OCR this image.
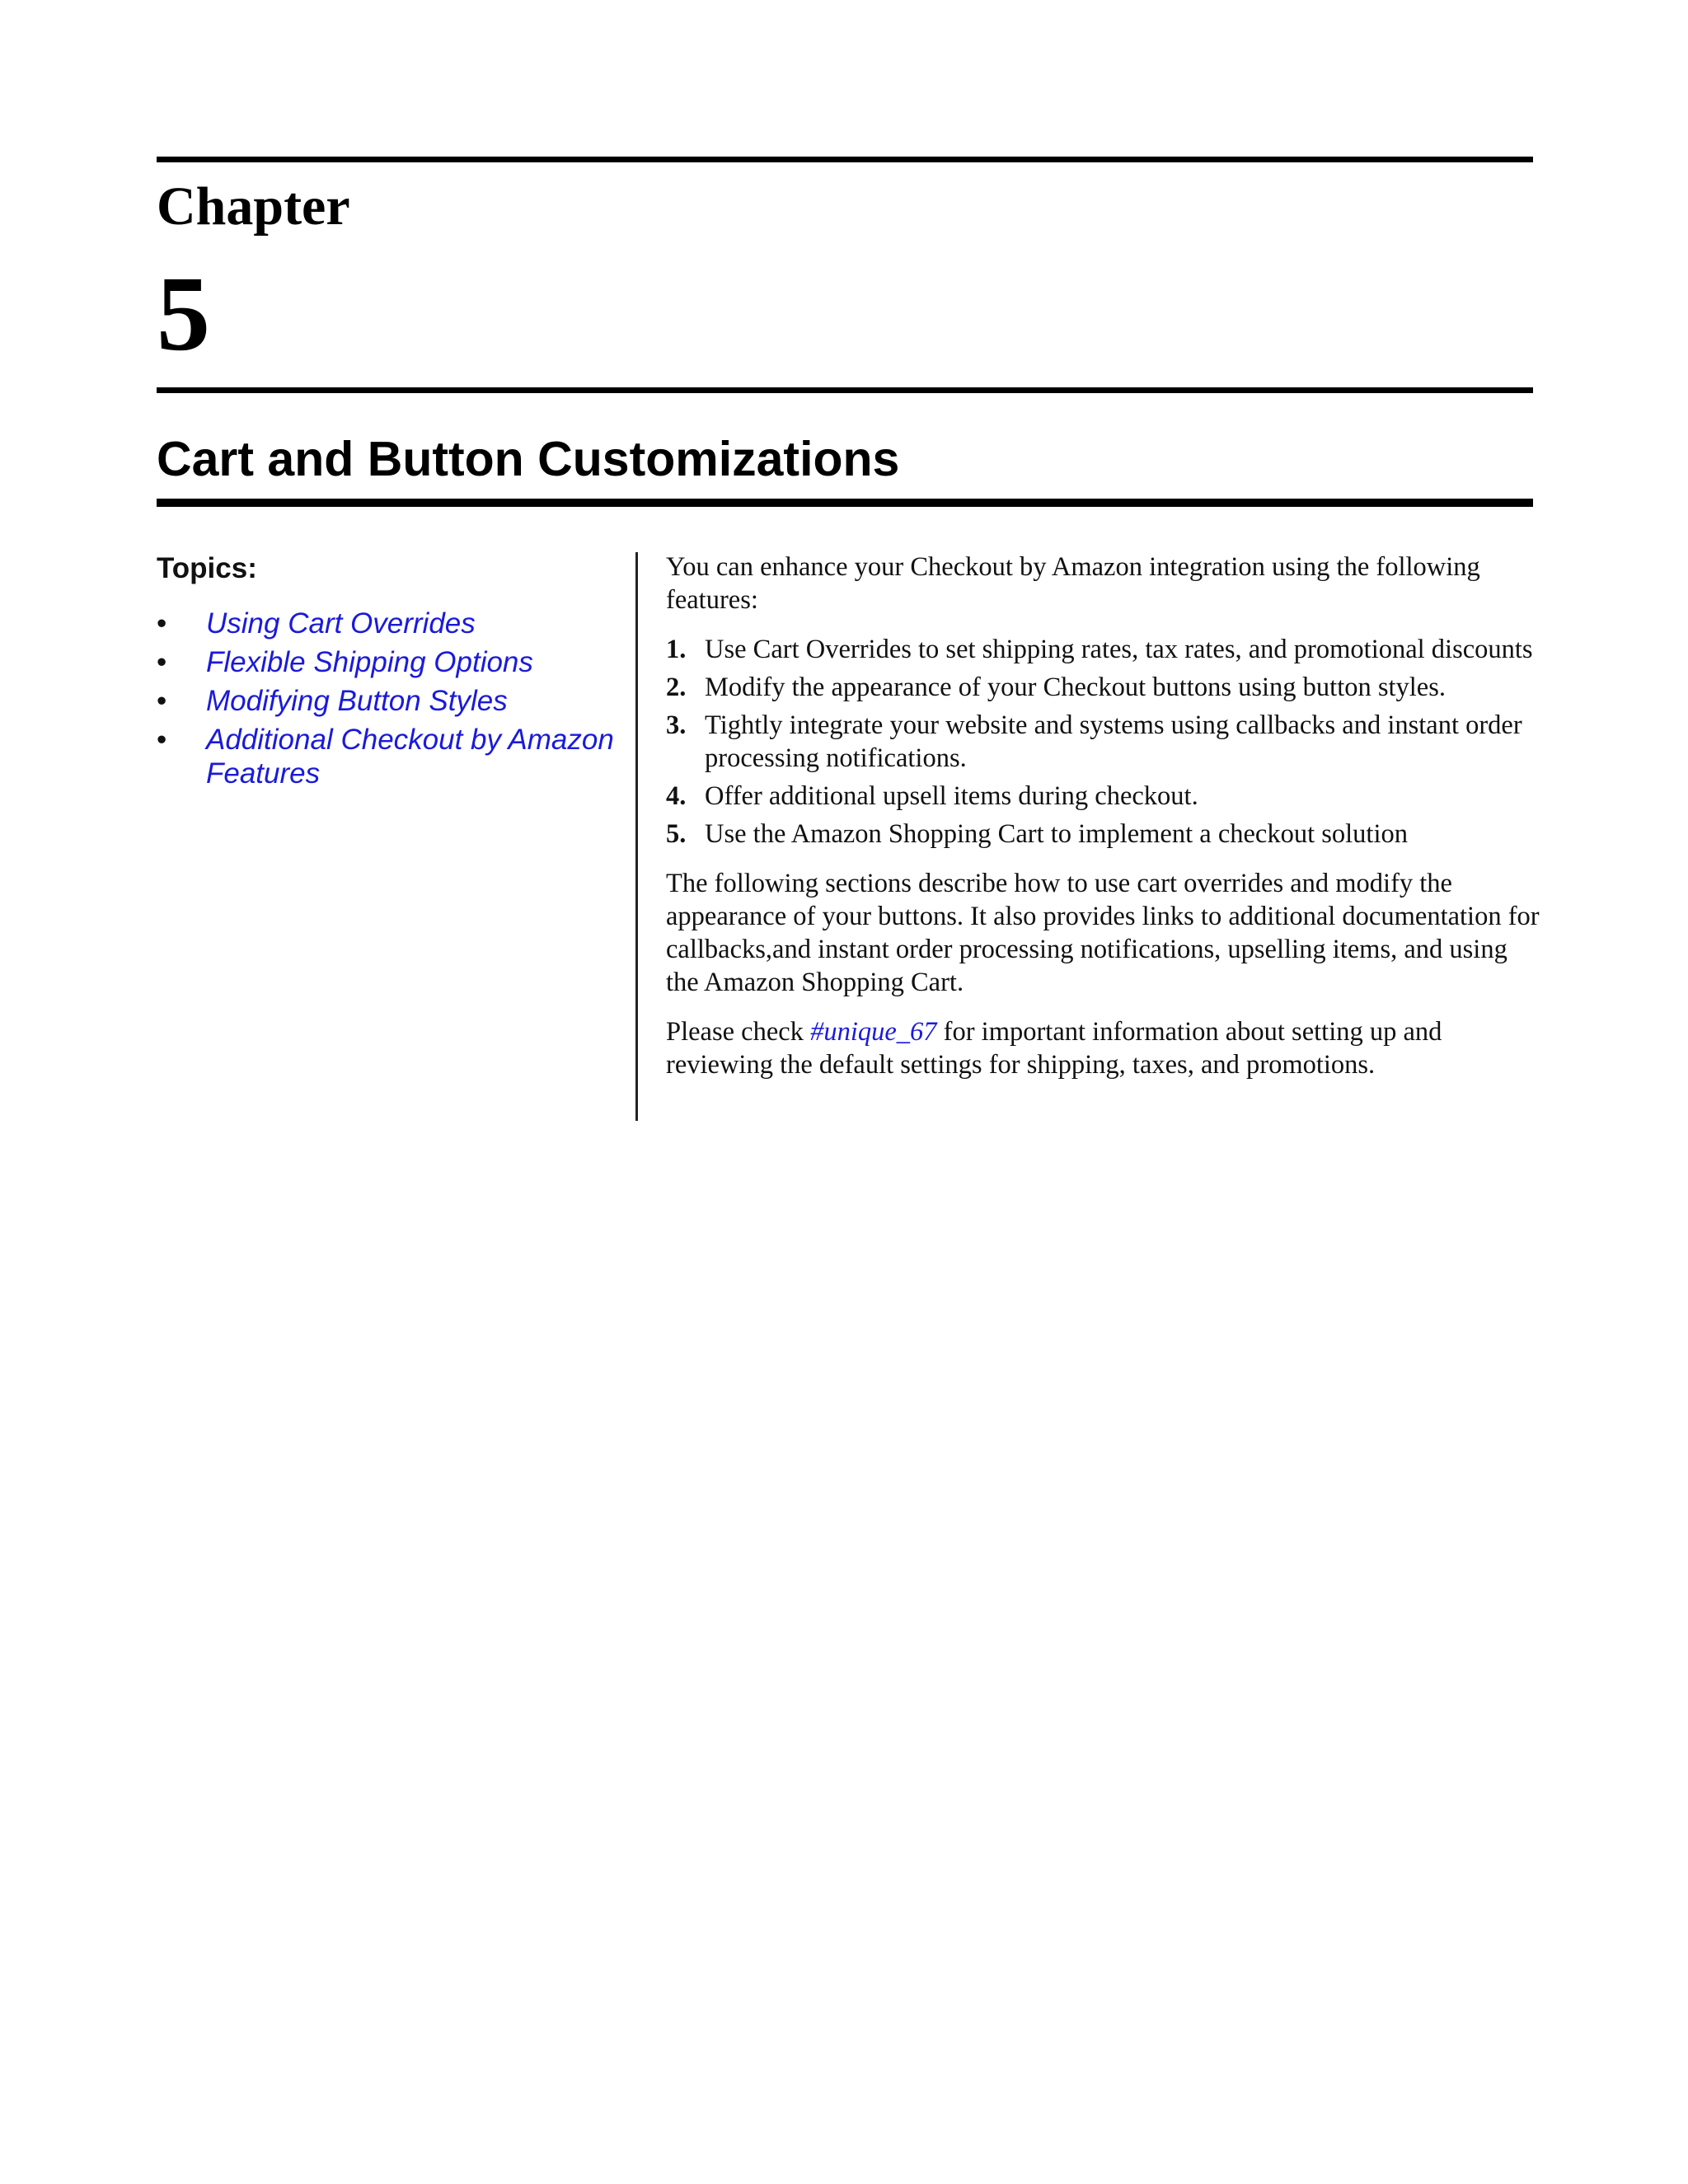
Chapter
5
Cart and Button Customizations
Topics:
• Using Cart Overrides
• Flexible Shipping Options
• Modifying Button Styles
• Additional Checkout by Amazon Features

You can enhance your Checkout by Amazon integration using the following features:

1. Use Cart Overrides to set shipping rates, tax rates, and promotional discounts
2. Modify the appearance of your Checkout buttons using button styles.
3. Tightly integrate your website and systems using callbacks and instant order processing notifications.
4. Offer additional upsell items during checkout.
5. Use the Amazon Shopping Cart to implement a checkout solution

The following sections describe how to use cart overrides and modify the appearance of your buttons. It also provides links to additional documentation for callbacks,and instant order processing notifications, upselling items, and using the Amazon Shopping Cart.

Please check #unique_67 for important information about setting up and reviewing the default settings for shipping, taxes, and promotions.
